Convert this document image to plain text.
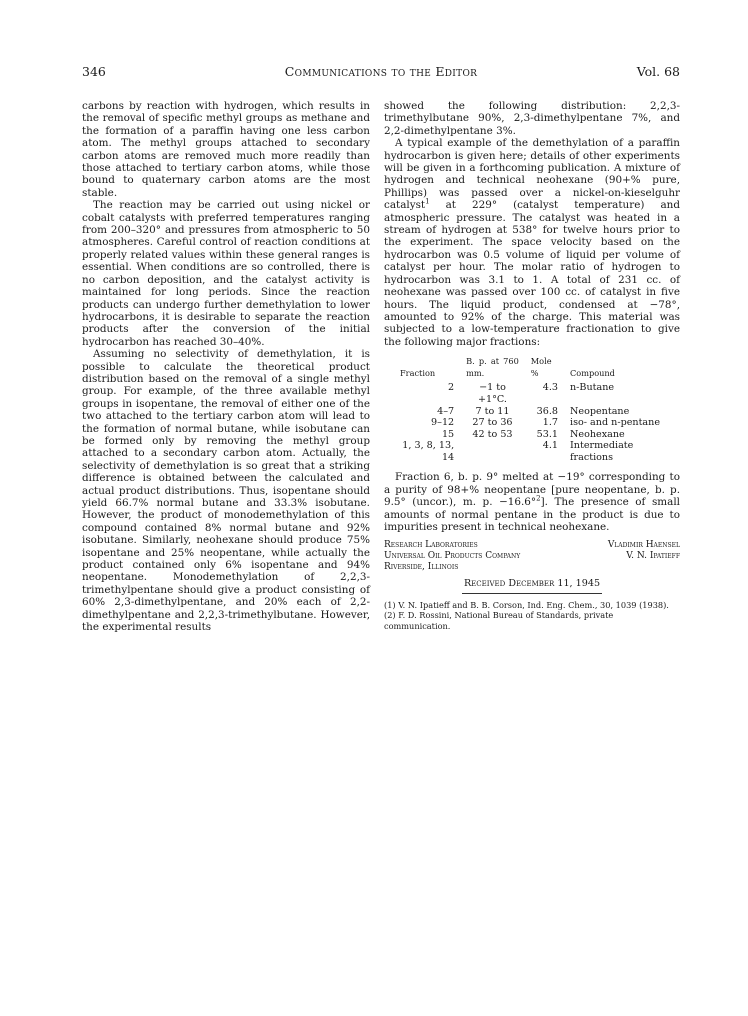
Communications to the Editor
346	Vol. 68

carbons by reaction with hydrogen, which results in the removal of specific methyl groups as methane and the formation of a paraffin having one less carbon atom. The methyl groups attached to secondary carbon atoms are removed much more readily than those attached to tertiary carbon atoms, while those bound to quaternary carbon atoms are the most stable.

The reaction may be carried out using nickel or cobalt catalysts with preferred temperatures ranging from 200–320° and pressures from atmospheric to 50 atmospheres. Careful control of reaction conditions at properly related values within these general ranges is essential. When conditions are so controlled, there is no carbon deposition, and the catalyst activity is maintained for long periods. Since the reaction products can undergo further demethylation to lower hydrocarbons, it is desirable to separate the reaction products after the conversion of the initial hydrocarbon has reached 30–40%.

Assuming no selectivity of demethylation, it is possible to calculate the theoretical product distribution based on the removal of a single methyl group. For example, of the three available methyl groups in isopentane, the removal of either one of the two attached to the tertiary carbon atom will lead to the formation of normal butane, while isobutane can be formed only by removing the methyl group attached to a secondary carbon atom. Actually, the selectivity of demethylation is so great that a striking difference is obtained between the calculated and actual product distributions. Thus, isopentane should yield 66.7% normal butane and 33.3% isobutane. However, the product of monodemethylation of this compound contained 8% normal butane and 92% isobutane. Similarly, neohexane should produce 75% isopentane and 25% neopentane, while actually the product contained only 6% isopentane and 94% neopentane. Monodemethylation of 2,2,3-trimethylpentane should give a product consisting of 60% 2,3-dimethylpentane, and 20% each of 2,2-dimethylpentane and 2,2,3-trimethylbutane. However, the experimental results

showed the following distribution: 2,2,3-trimethylbutane 90%, 2,3-dimethylpentane 7%, and 2,2-dimethylpentane 3%.

A typical example of the demethylation of a paraffin hydrocarbon is given here; details of other experiments will be given in a forthcoming publication. A mixture of hydrogen and technical neohexane (90+% pure, Phillips) was passed over a nickel-on-kieselguhr catalyst$^1$ at 229° (catalyst temperature) and atmospheric pressure. The catalyst was heated in a stream of hydrogen at 538° for twelve hours prior to the experiment. The space velocity based on the hydrocarbon was 0.5 volume of liquid per volume of catalyst per hour. The molar ratio of hydrogen to hydrocarbon was 3.1 to 1. A total of 231 cc. of neohexane was passed over 100 cc. of catalyst in five hours. The liquid product, condensed at −78°, amounted to 92% of the charge. This material was subjected to a low-temperature fractionation to give the following major fractions:

Fraction	B. p. at 760 mm.	Mole %	Compound
2	−1 to +1°C.	4.3	n-Butane
4–7	7 to 11	36.8	Neopentane
9–12	27 to 36	1.7	iso- and n-pentane
15	42 to 53	53.1	Neohexane
1, 3, 8, 13, 14		4.1	Intermediate fractions

Fraction 6, b. p. 9° melted at −19° corresponding to a purity of 98+% neopentane [pure neopentane, b. p. 9.5° (uncor.), m. p. −16.6°$^2$]. The presence of small amounts of normal pentane in the product is due to impurities present in technical neohexane.

Research Laboratories
Universal Oil Products Company
Riverside, Illinois
Vladimir Haensel
V. N. Ipatieff
Received December 11, 1945

(1) V. N. Ipatieff and B. B. Corson, Ind. Eng. Chem., 30, 1039 (1938).

(2) F. D. Rossini, National Bureau of Standards, private communication.
